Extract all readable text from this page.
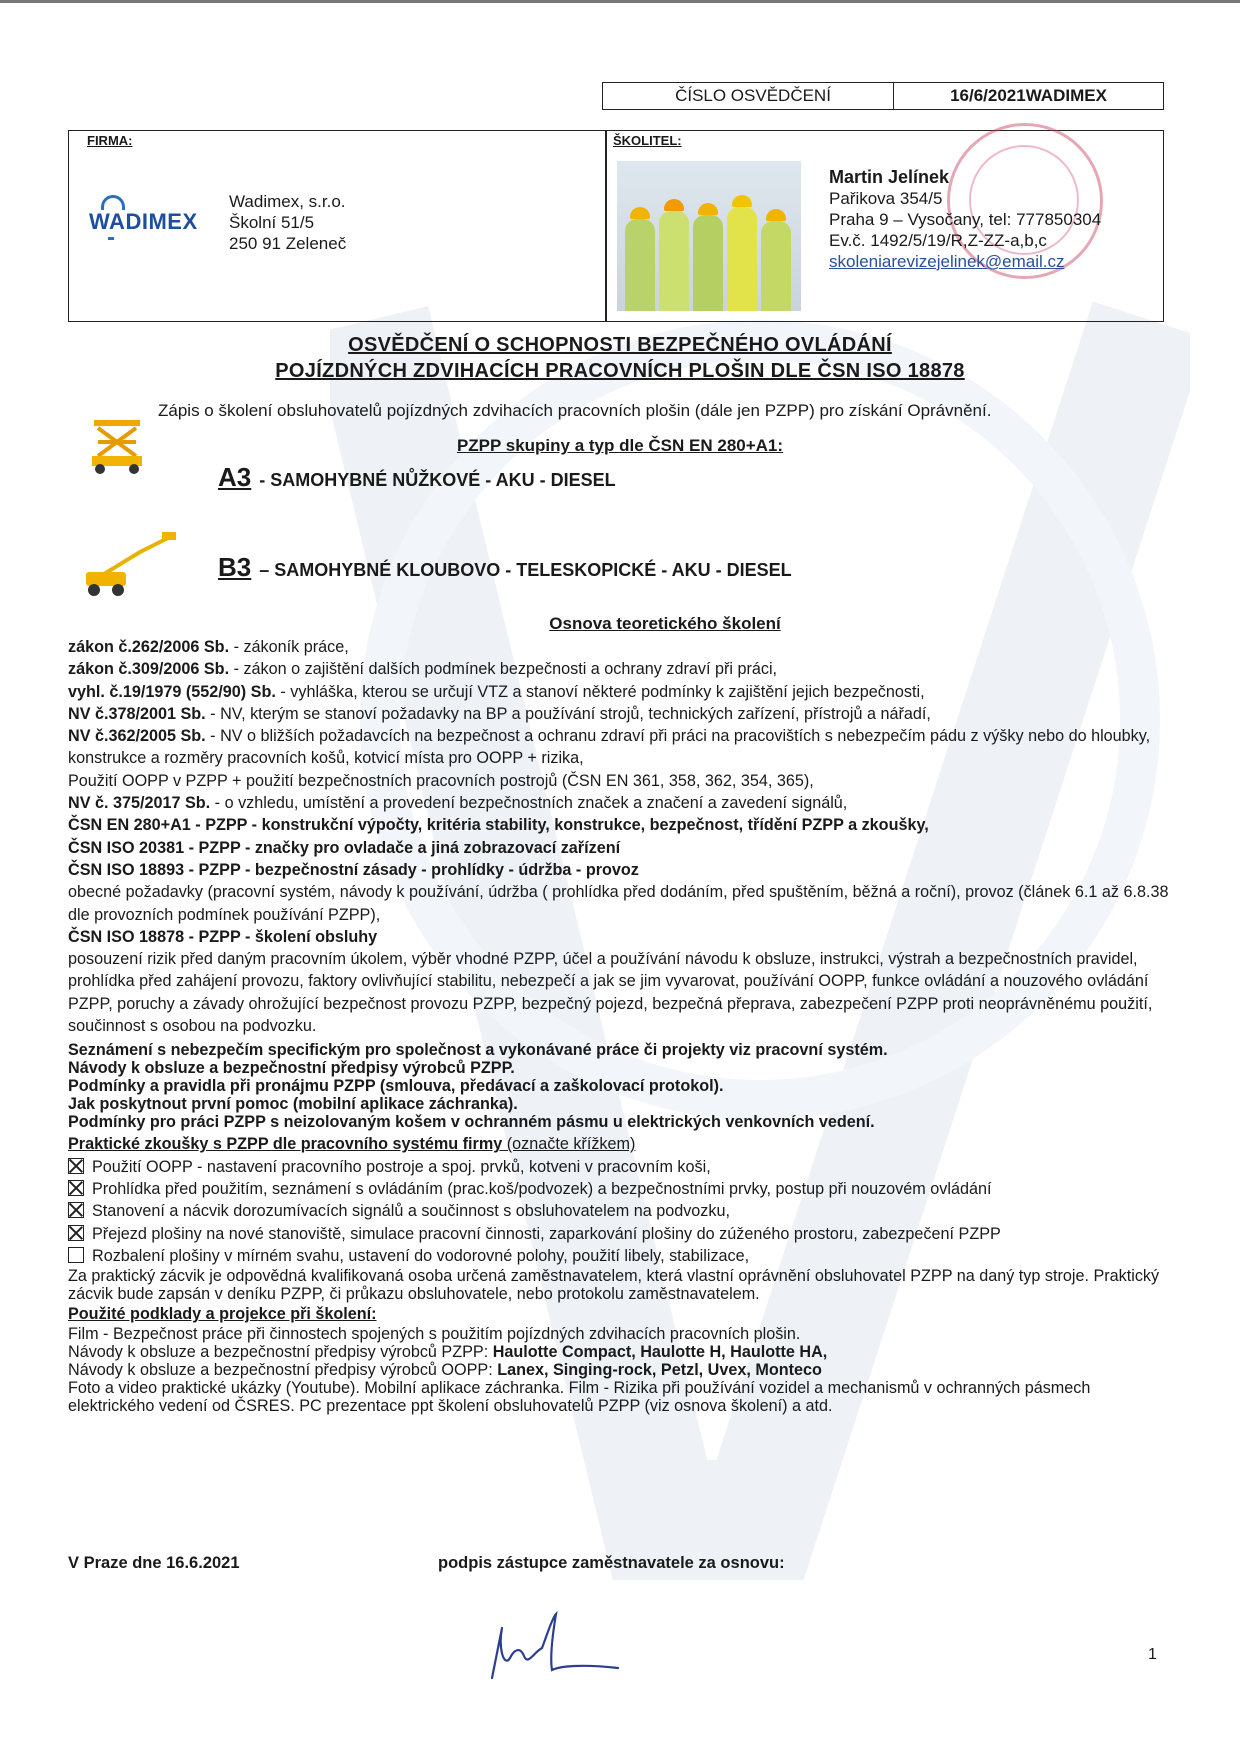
ČÍSLO OSVĚDČENÍ	16/6/2021WADIMEX
FIRMA:
WADIMEX
Wadimex, s.r.o.
Školní 51/5
250 91 Zeleneč
ŠKOLITEL:
Martin Jelínek
Pařikova 354/5
Praha 9 – Vysočany, tel: 777850304
Ev.č. 1492/5/19/R,Z-ZZ-a,b,c
skoleniarevizejelinek@email.cz
OSVĚDČENÍ O SCHOPNOSTI BEZPEČNÉHO OVLÁDÁNÍ
POJÍZDNÝCH ZDVIHACÍCH PRACOVNÍCH PLOŠIN DLE ČSN ISO 18878
Zápis o školení obsluhovatelů pojízdných zdvihacích pracovních plošin (dále jen PZPP) pro získání Oprávnění.
PZPP skupiny a typ dle ČSN EN 280+A1:
A3 - SAMOHYBNÉ NŮŽKOVÉ - AKU - DIESEL
B3 – SAMOHYBNÉ KLOUBOVO - TELESKOPICKÉ - AKU - DIESEL
Osnova teoretického školení

zákon č.262/2006 Sb. - zákoník práce,

zákon č.309/2006 Sb. - zákon o zajištění dalších podmínek bezpečnosti a ochrany zdraví při práci,

vyhl. č.19/1979 (552/90) Sb. - vyhláška, kterou se určují VTZ a stanoví některé podmínky k zajištění jejich bezpečnosti,

NV č.378/2001 Sb. - NV, kterým se stanoví požadavky na BP a používání strojů, technických zařízení, přístrojů a nářadí,

NV č.362/2005 Sb. - NV o bližších požadavcích na bezpečnost a ochranu zdraví při práci na pracovištích s nebezpečím pádu z výšky nebo do hloubky, konstrukce a rozměry pracovních košů, kotvicí místa pro OOPP + rizika,

Použití OOPP v PZPP + použití bezpečnostních pracovních postrojů (ČSN EN 361, 358, 362, 354, 365),

NV č. 375/2017 Sb. - o vzhledu, umístění a provedení bezpečnostních značek a značení a zavedení signálů,

ČSN EN 280+A1 - PZPP - konstrukční výpočty, kritéria stability, konstrukce, bezpečnost, třídění PZPP a zkoušky,

ČSN ISO 20381 - PZPP - značky pro ovladače a jiná zobrazovací zařízení

ČSN ISO 18893 - PZPP - bezpečnostní zásady - prohlídky - údržba - provoz

obecné požadavky (pracovní systém, návody k používání, údržba ( prohlídka před dodáním, před spuštěním, běžná a roční), provoz (článek 6.1 až 6.8.38 dle provozních podmínek používání PZPP),

ČSN ISO 18878 - PZPP - školení obsluhy

posouzení rizik před daným pracovním úkolem, výběr vhodné PZPP, účel a používání návodu k obsluze, instrukci, výstrah a bezpečnostních pravidel, prohlídka před zahájení provozu, faktory ovlivňující stabilitu, nebezpečí a jak se jim vyvarovat, používání OOPP, funkce ovládání a nouzového ovládání PZPP, poruchy a závady ohrožující bezpečnost provozu PZPP, bezpečný pojezd, bezpečná přeprava, zabezpečení PZPP proti neoprávněnému použití, součinnost s osobou na podvozku.

Seznámení s nebezpečím specifickým pro společnost a vykonávané práce či projekty viz pracovní systém.

Návody k obsluze a bezpečnostní předpisy výrobců PZPP.

Podmínky a pravidla při pronájmu PZPP (smlouva, předávací a zaškolovací protokol).

Jak poskytnout první pomoc (mobilní aplikace záchranka).

Podmínky pro práci PZPP s neizolovaným košem v ochranném pásmu u elektrických venkovních vedení.

Praktické zkoušky s PZPP dle pracovního systému firmy (označte křížkem)

Použití OOPP - nastavení pracovního postroje a spoj. prvků, kotveni v pracovním koši,

Prohlídka před použitím, seznámení s ovládáním (prac.koš/podvozek) a bezpečnostními prvky, postup při nouzovém ovládání

Stanovení a nácvik dorozumívacích signálů a součinnost s obsluhovatelem na podvozku,

Přejezd plošiny na nové stanoviště, simulace pracovní činnosti, zaparkování plošiny do zúženého prostoru, zabezpečení PZPP

Rozbalení plošiny v mírném svahu, ustavení do vodorovné polohy, použití libely, stabilizace,

Za praktický zácvik je odpovědná kvalifikovaná osoba určená zaměstnavatelem, která vlastní oprávnění obsluhovatel PZPP na daný typ stroje. Praktický zácvik bude zapsán v deníku PZPP, či průkazu obsluhovatele, nebo protokolu zaměstnavatelem.

Použité podklady a projekce při školení:

Film - Bezpečnost práce při činnostech spojených s použitím pojízdných zdvihacích pracovních plošin.

Návody k obsluze a bezpečnostní předpisy výrobců PZPP: Haulotte Compact, Haulotte H, Haulotte HA,

Návody k obsluze a bezpečnostní předpisy výrobců OOPP: Lanex, Singing-rock, Petzl, Uvex, Monteco

Foto a video praktické ukázky (Youtube). Mobilní aplikace záchranka. Film - Rizika při používání vozidel a mechanismů v ochranných pásmech elektrického vedení od ČSRES. PC prezentace ppt školení obsluhovatelů PZPP (viz osnova školení) a atd.

V Praze dne 16.6.2021	podpis zástupce zaměstnavatele za osnovu:
1
